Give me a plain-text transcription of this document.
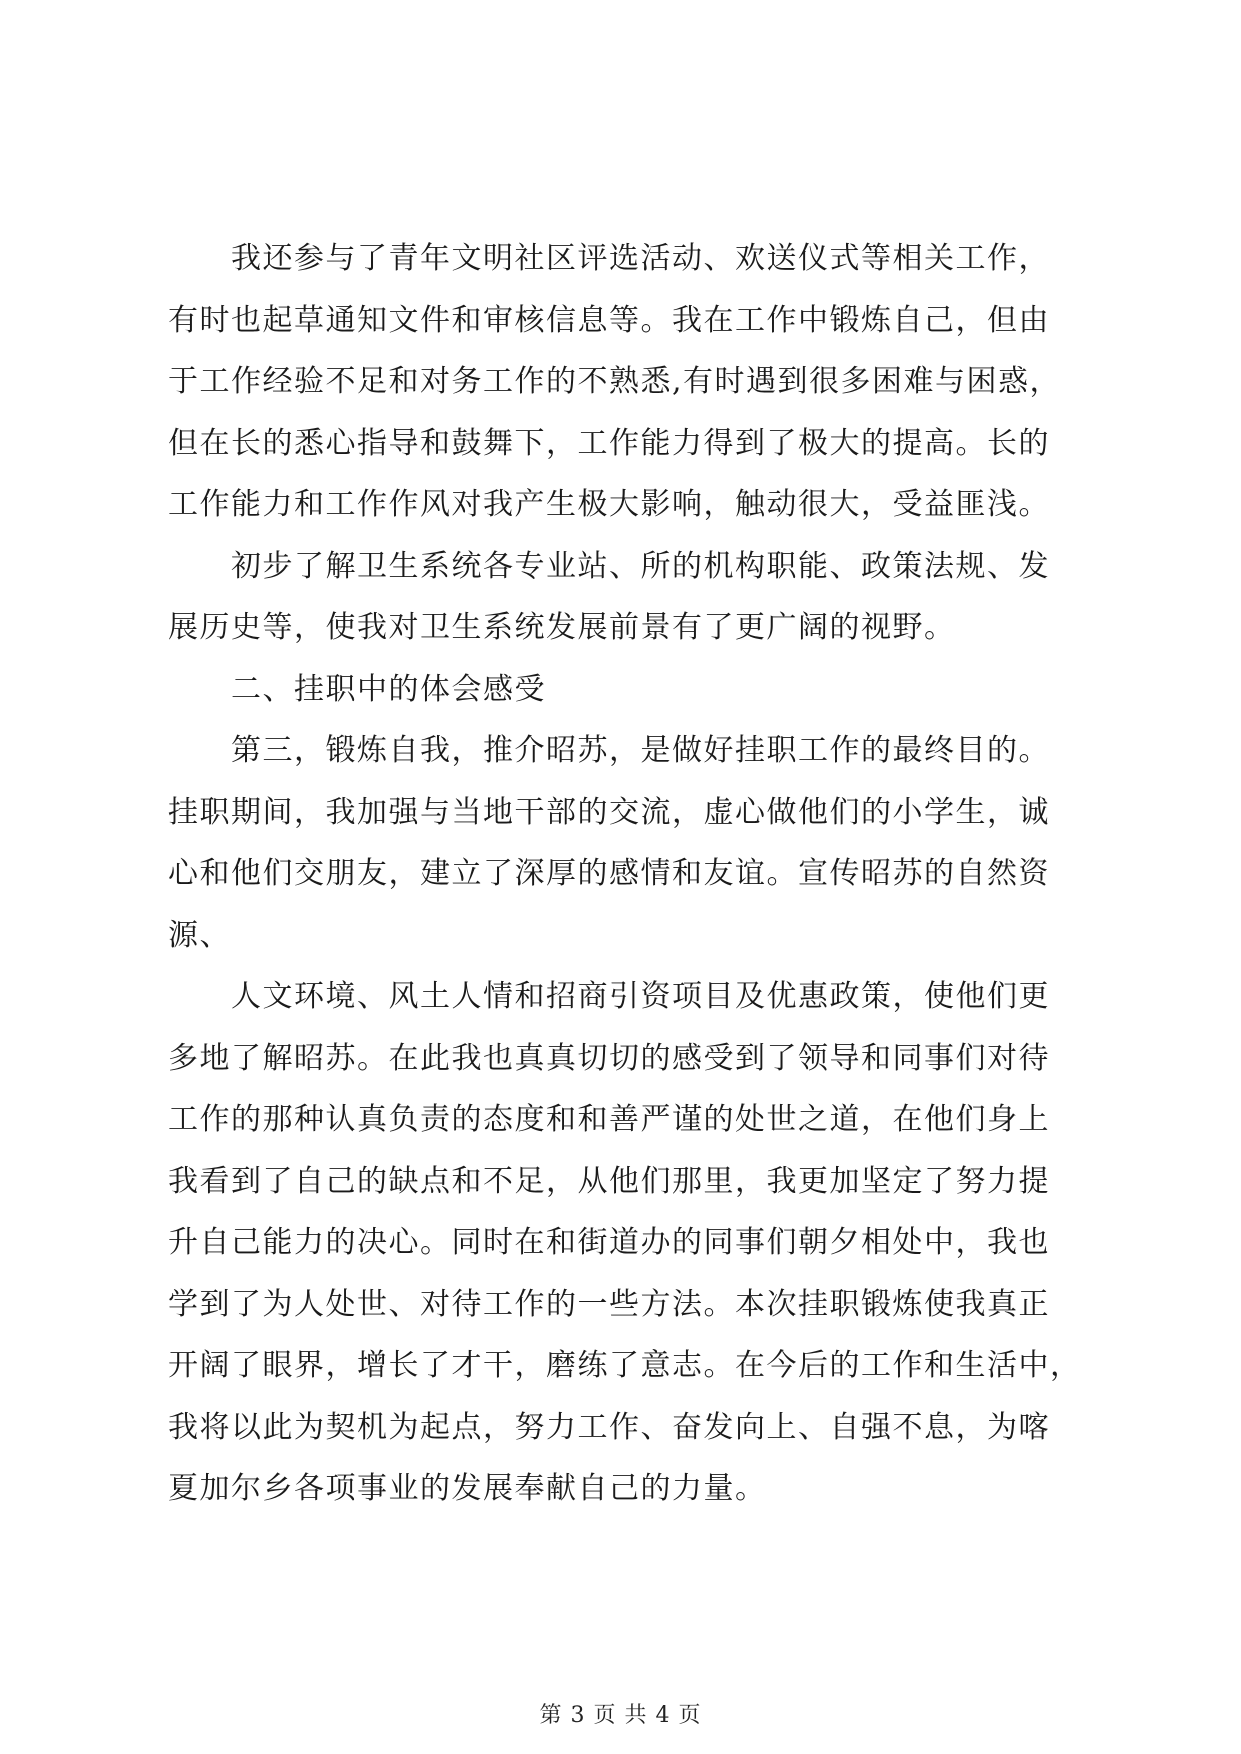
　　我还参与了青年文明社区评选活动、欢送仪式等相关工作，
有时也起草通知文件和审核信息等。我在工作中锻炼自己，但由
于工作经验不足和对务工作的不熟悉,有时遇到很多困难与困惑，
但在长的悉心指导和鼓舞下，工作能力得到了极大的提高。长的
工作能力和工作作风对我产生极大影响，触动很大，受益匪浅。
　　初步了解卫生系统各专业站、所的机构职能、政策法规、发
展历史等，使我对卫生系统发展前景有了更广阔的视野。
　　二、挂职中的体会感受
　　第三，锻炼自我，推介昭苏，是做好挂职工作的最终目的。
挂职期间，我加强与当地干部的交流，虚心做他们的小学生，诚
心和他们交朋友，建立了深厚的感情和友谊。宣传昭苏的自然资
源、
　　人文环境、风土人情和招商引资项目及优惠政策，使他们更
多地了解昭苏。在此我也真真切切的感受到了领导和同事们对待
工作的那种认真负责的态度和和善严谨的处世之道，在他们身上
我看到了自己的缺点和不足，从他们那里，我更加坚定了努力提
升自己能力的决心。同时在和街道办的同事们朝夕相处中，我也
学到了为人处世、对待工作的一些方法。本次挂职锻炼使我真正
开阔了眼界，增长了才干，磨练了意志。在今后的工作和生活中，
我将以此为契机为起点，努力工作、奋发向上、自强不息，为喀
夏加尔乡各项事业的发展奉献自己的力量。
第 3 页 共 4 页
